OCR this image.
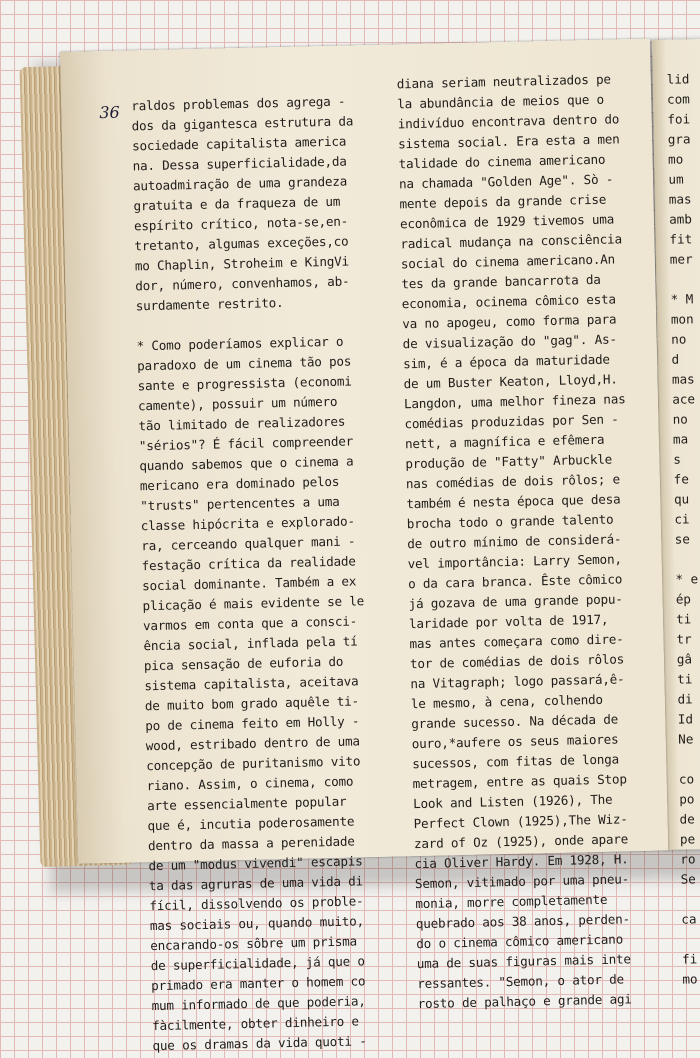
lid
com
foi
gra
mo
um
mas
amb
fit
mer
* M
mon
no
d
mas
ace
no
ma
s
fe
qu
ci
se
* e
ép
ti
tr
gâ
ti
di
Id
Ne
co
po
de
pe
ro
Se
ca
fi
mo
36 raldos problemas dos agrega -
dos da gigantesca estrutura da
sociedade capitalista america
na. Dessa superficialidade,da
autoadmiração de uma grandeza
gratuita e da fraqueza de um
espírito crítico, nota-se,en-
tretanto, algumas exceções,co
mo Chaplin, Stroheim e KingVi
dor, número, convenhamos, ab-
surdamente restrito.
* Como poderíamos explicar o
paradoxo de um cinema tão pos
sante e progressista (economi
camente), possuir um número
tão limitado de realizadores
"sérios"? É fácil compreender
quando sabemos que o cinema a
mericano era dominado pelos
"trusts" pertencentes a uma
classe hipócrita e explorado-
ra, cerceando qualquer mani -
festação crítica da realidade
social dominante. Também a ex
plicação é mais evidente se le
varmos em conta que a consci-
ência social, inflada pela tí
pica sensação de euforia do
sistema capitalista, aceitava
de muito bom grado aquêle ti-
po de cinema feito em Holly -
wood, estribado dentro de uma
concepção de puritanismo vito
riano. Assim, o cinema, como
arte essencialmente popular
que é, incutia poderosamente
dentro da massa a perenidade
de um "modus vivendi" escapis
ta das agruras de uma vida di
fícil, dissolvendo os proble-
mas sociais ou, quando muito,
encarando-os sôbre um prisma
de superficialidade, já que o
primado era manter o homem co
mum informado de que poderia,
fàcilmente, obter dinheiro e
que os dramas da vida quoti -
diana seriam neutralizados pe
la abundância de meios que o
indivíduo encontrava dentro do
sistema social. Era esta a men
talidade do cinema americano
na chamada "Golden Age". Sò -
mente depois da grande crise
econômica de 1929 tivemos uma
radical mudança na consciência
social do cinema americano.An
tes da grande bancarrota da
economia, ocinema cômico esta
va no apogeu, como forma para
de visualização do "gag". As-
sim, é a época da maturidade
de um Buster Keaton, Lloyd,H.
Langdon, uma melhor fineza nas
comédias produzidas por Sen -
nett, a magnífica e efêmera
produção de "Fatty" Arbuckle
nas comédias de dois rôlos; e
também é nesta época que desa
brocha todo o grande talento
de outro mínimo de considerá-
vel importância: Larry Semon,
o da cara branca. Êste cômico
já gozava de uma grande popu-
laridade por volta de 1917,
mas antes começara como dire-
tor de comédias de dois rôlos
na Vitagraph; logo passará,ê-
le mesmo, à cena, colhendo
grande sucesso. Na década de
ouro,*aufere os seus maiores
sucessos, com fitas de longa
metragem, entre as quais Stop
Look and Listen (1926), The
Perfect Clown (1925),The Wiz-
zard of Oz (1925), onde apare
cia Oliver Hardy. Em 1928, H.
Semon, vitimado por uma pneu-
monia, morre completamente
quebrado aos 38 anos, perden-
do o cinema cômico americano
uma de suas figuras mais inte
ressantes. "Semon, o ator de
rosto de palhaço e grande agi
